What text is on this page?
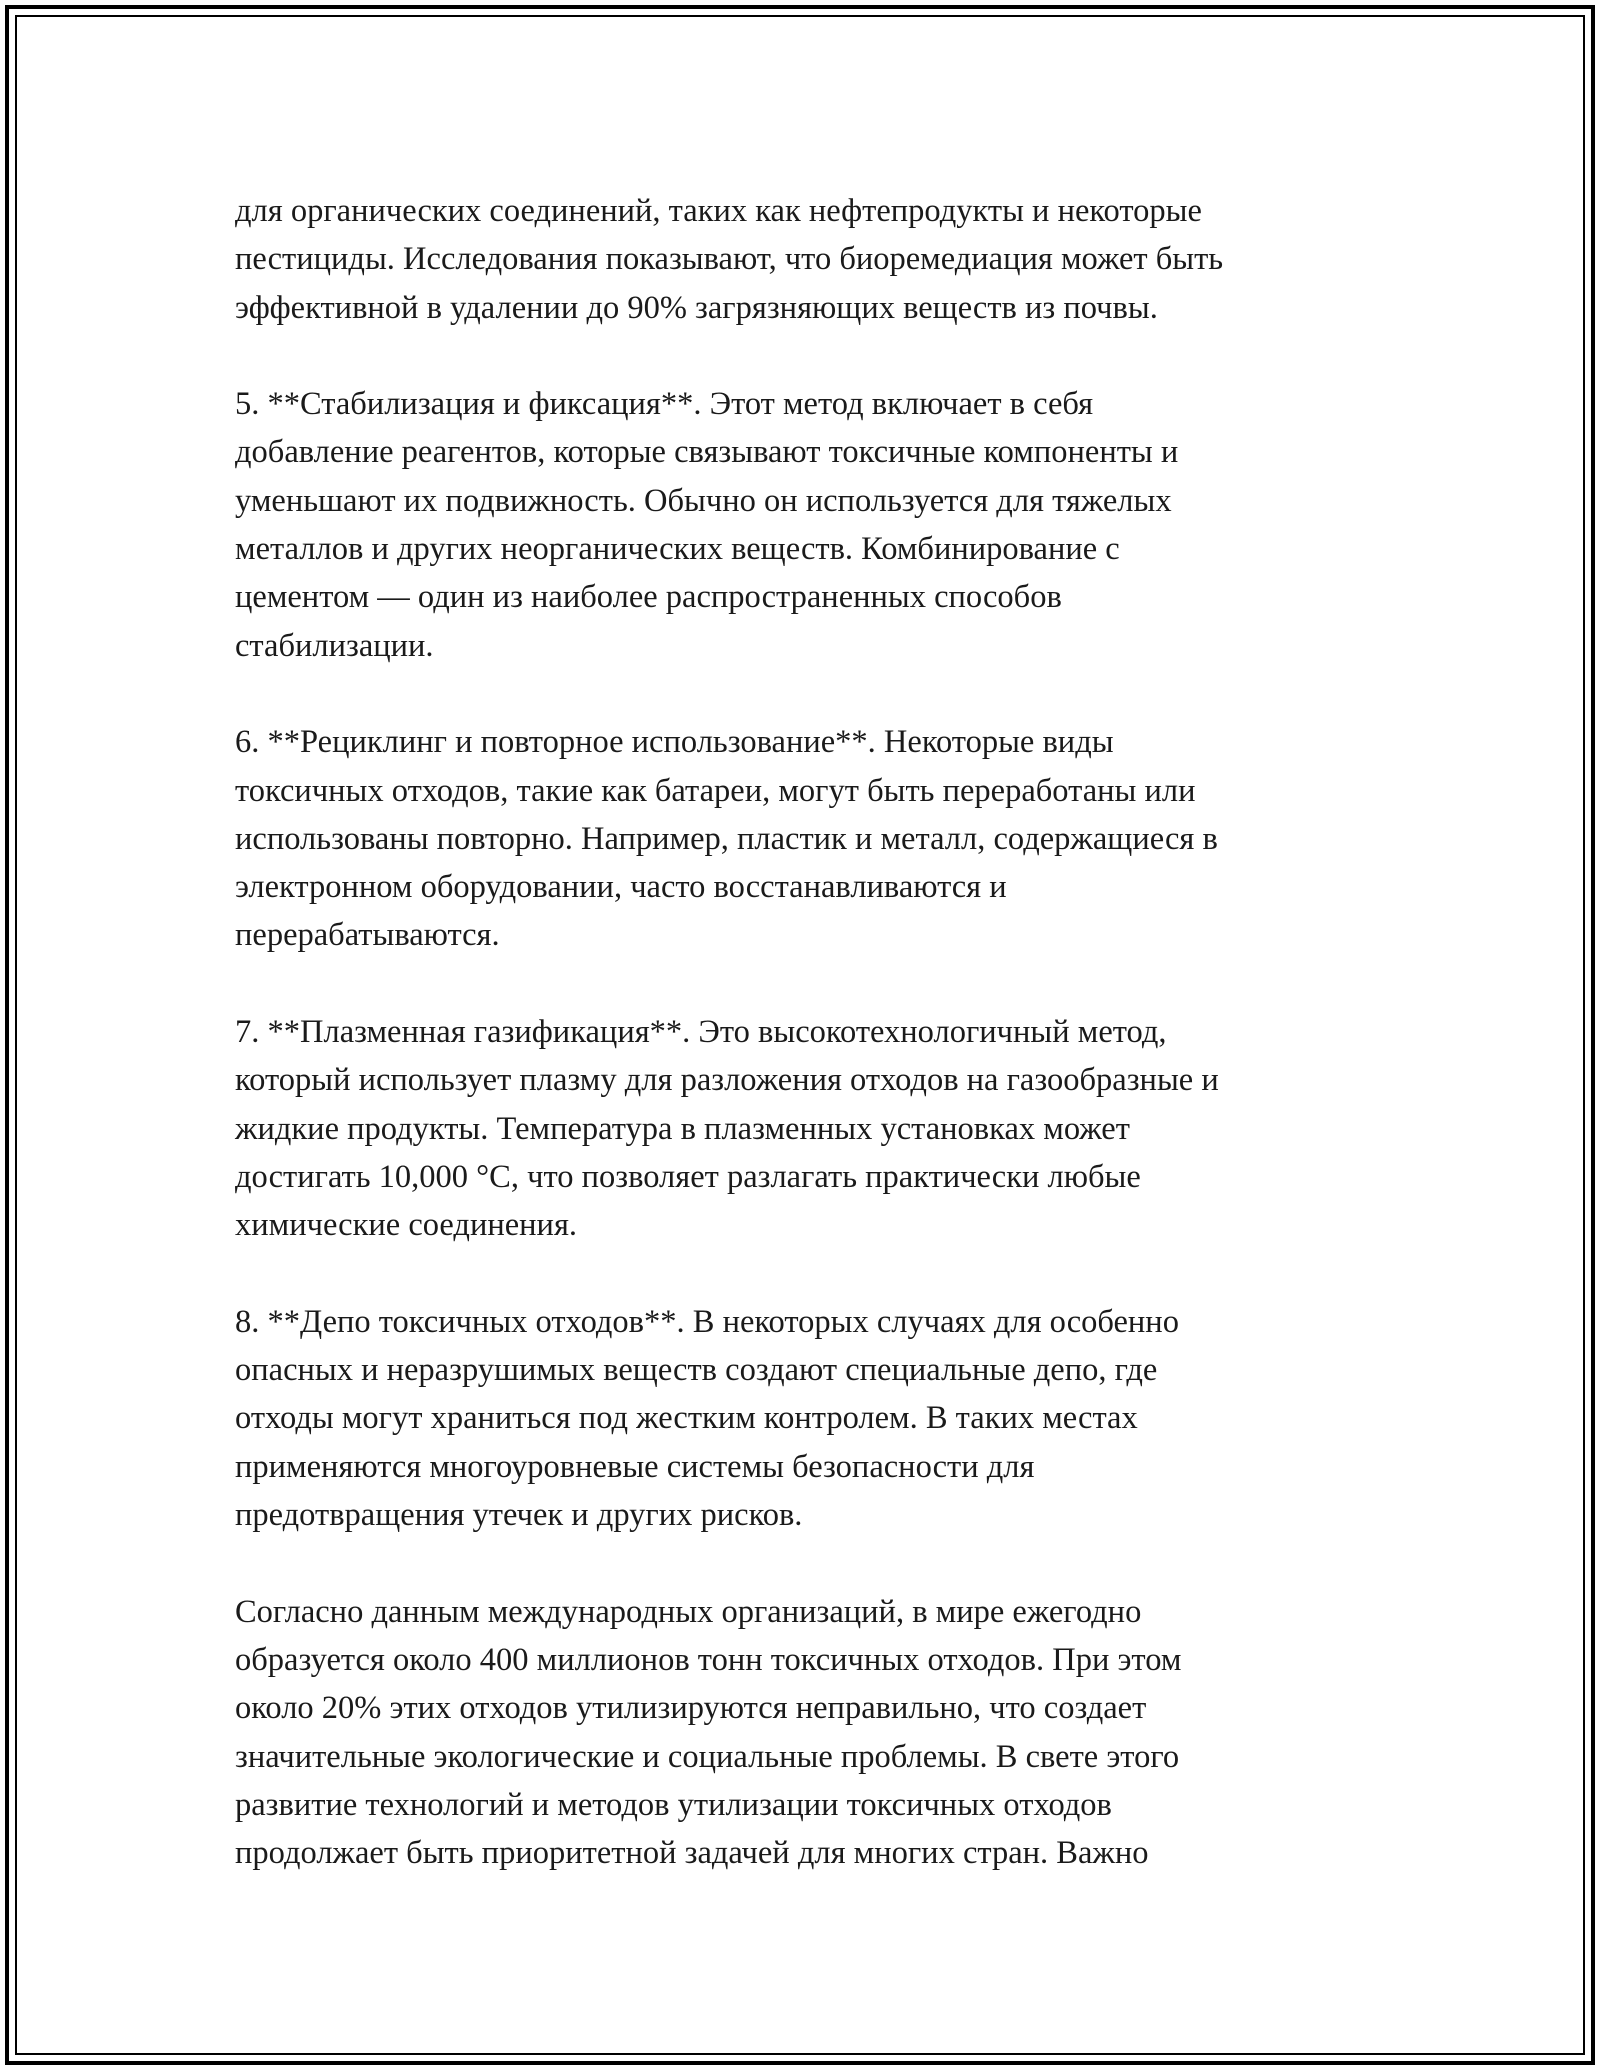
для органических соединений, таких как нефтепродукты и некоторые
пестициды. Исследования показывают, что биоремедиация может быть
эффективной в удалении до 90% загрязняющих веществ из почвы.
5. **Стабилизация и фиксация**. Этот метод включает в себя
добавление реагентов, которые связывают токсичные компоненты и
уменьшают их подвижность. Обычно он используется для тяжелых
металлов и других неорганических веществ. Комбинирование с
цементом — один из наиболее распространенных способов
стабилизации.
6. **Рециклинг и повторное использование**. Некоторые виды
токсичных отходов, такие как батареи, могут быть переработаны или
использованы повторно. Например, пластик и металл, содержащиеся в
электронном оборудовании, часто восстанавливаются и
перерабатываются.
7. **Плазменная газификация**. Это высокотехнологичный метод,
который использует плазму для разложения отходов на газообразные и
жидкие продукты. Температура в плазменных установках может
достигать 10,000 °C, что позволяет разлагать практически любые
химические соединения.
8. **Депо токсичных отходов**. В некоторых случаях для особенно
опасных и неразрушимых веществ создают специальные депо, где
отходы могут храниться под жестким контролем. В таких местах
применяются многоуровневые системы безопасности для
предотвращения утечек и других рисков.
Согласно данным международных организаций, в мире ежегодно
образуется около 400 миллионов тонн токсичных отходов. При этом
около 20% этих отходов утилизируются неправильно, что создает
значительные экологические и социальные проблемы. В свете этого
развитие технологий и методов утилизации токсичных отходов
продолжает быть приоритетной задачей для многих стран. Важно
